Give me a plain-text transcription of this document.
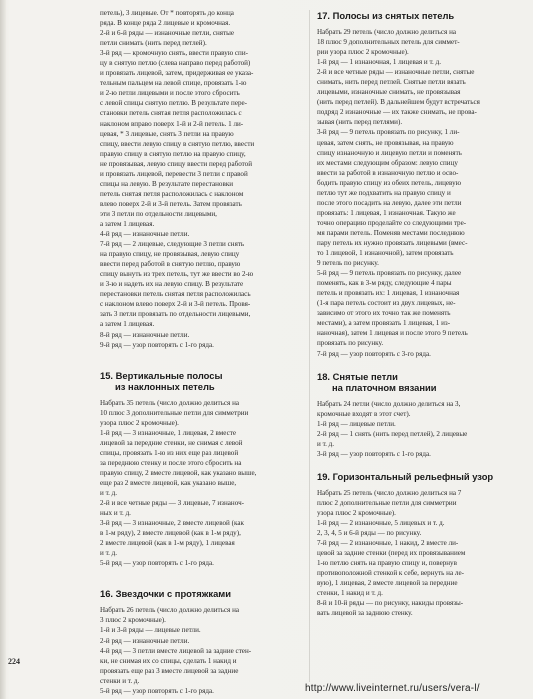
петель), 3 лицевые. От * повторять до конца
ряда. В конце ряда 2 лицевые и кромочная.
2-й и 6-й ряды — изнаночные петли, снятые
петли снимать (нить перед петлей).
3-й ряд — кромочную снять, ввести правую спи-
цу в снятую петлю (слева направо перед работой)
и провязать лицевой, затем, придерживая ее указа-
тельным пальцем на левой спице, провязать 1-ю
и 2-ю петли лицевыми и после этого сбросить
с левой спицы снятую петлю. В результате пере-
становки петель снятая петля расположилась с
наклоном вправо поверх 1-й и 2-й петель. 1 ли-
цевая, * 3 лицевые, снять 3 петли на правую
спицу, ввести левую спицу в снятую петлю, ввести
правую спицу в снятую петлю на правую спицу,
не провязывая, левую спицу ввести перед работой
и провязать лицевой, перевести 3 петли с правой
спицы на левую. В результате перестановки
петель снятая петля расположилась с наклоном
влево поверх 2-й и 3-й петель. Затем провязать
эти 3 петли по отдельности лицевыми,
а затем 1 лицевая.
4-й ряд — изнаночные петли.
7-й ряд — 2 лицевые, следующие 3 петли снять
на правую спицу, не провязывая, левую спицу
ввести перед работой в снятую петлю, правую
спицу вынуть из трех петель, тут же ввести во 2-ю
и 3-ю и надеть их на левую спицу. В результате
перестановки петель снятая петля расположилась
с наклоном влево поверх 2-й и 3-й петель. Провя-
зать 3 петли провязать по отдельности лицевыми,
а затем 1 лицевая.
8-й ряд — изнаночные петли.
9-й ряд — узор повторять с 1-го ряда.
15. Вертикальные полосы
из наклонных петель
Набрать 35 петель (число должно делиться на
10 плюс 3 дополнительные петли для симметрии
узора плюс 2 кромочные).
1-й ряд — 3 изнаночные, 1 лицевая, 2 вместе
лицевой за передние стенки, не снимая с левой
спицы, провязать 1-ю из них еще раз лицевой
за переднюю стенку и после этого сбросить на
правую спицу, 2 вместе лицевой, как указано выше,
еще раз 2 вместе лицевой, как указано выше,
и т. д.
2-й и все четные ряды — 3 лицевые, 7 изнаноч-
ных и т. д.
3-й ряд — 3 изнаночные, 2 вместе лицевой (как
в 1-м ряду), 2 вместе лицевой (как в 1-м ряду),
2 вместе лицевой (как в 1-м ряду), 1 лицевая
и т. д.
5-й ряд — узор повторять с 1-го ряда.
16. Звездочки с протяжками
Набрать 26 петель (число должно делиться на
3 плюс 2 кромочные).
1-й и 3-й ряды — лицевые петли.
2-й ряд — изнаночные петли.
4-й ряд — 3 петли вместе лицевой за задние стен-
ки, не снимая их со спицы, сделать 1 накид и
провязать еще раз 3 вместе лицевой за задние
стенки и т. д.
5-й ряд — узор повторять с 1-го ряда.
17. Полосы из снятых петель
Набрать 29 петель (число должно делиться на
18 плюс 9 дополнительных петель для симмет-
рии узора плюс 2 кромочные).
1-й ряд — 1 изнаночная, 1 лицевая и т. д.
2-й и все четные ряды — изнаночные петли, снятые
снимать, нить перед петлей. Снятые петли вязать
лицевыми, изнаночные снимать, не провязывая
(нить перед петлей). В дальнейшем будут встречаться
подряд 2 изнаночные — их также снимать, не прова-
зывая (нить перед петлями).
3-й ряд — 9 петель провязать по рисунку, 1 ли-
цевая, затем снять, не провязывая, на правую
спицу изнаночную и лицевую петли и поменять
их местами следующим образом: левую спицу
ввести за работой в изнаночную петлю и осво-
бодить правую спицу из обеих петель, лицевую
петлю тут же подхватить на правую спицу и
после этого посадить на левую, далее эти петли
провязать: 1 лицевая, 1 изнаночная. Такую же
точно операцию проделайте со следующими тре-
мя парами петель. Поменяв местами последнюю
пару петель их нужно провязать лицевыми (вмес-
то 1 лицевой, 1 изнаночной), затем провязать
9 петель по рисунку.
5-й ряд — 9 петель провязать по рисунку, далее
поменять, как в 3-м ряду, следующие 4 пары
петель и провязать их: 1 лицевая, 1 изнаночная
(1-я пара петель состоит из двух лицевых, не-
зависимо от этого их точно так же поменять
местами), а затем провязать 1 лицевая, 1 из-
наночная), затем 1 лицевая и после этого 9 петель
провязать по рисунку.
7-й ряд — узор повторять с 3-го ряда.
18. Снятые петли
на платочном вязании
Набрать 24 петли (число должно делиться на 3,
кромочные входят в этот счет).
1-й ряд — лицевые петли.
2-й ряд — 1 снять (нить перед петлей), 2 лицевые
и т. д.
3-й ряд — узор повторять с 1-го ряда.
19. Горизонтальный рельефный узор
Набрать 25 петель (число должно делиться на 7
плюс 2 дополнительные петли для симметрии
узора плюс 2 кромочные).
1-й ряд — 2 изнаночные, 5 лицевых и т. д.
2, 3, 4, 5 и 6-й ряды — по рисунку.
7-й ряд — 2 изнаночные, 1 накид, 2 вместе ли-
цевой за задние стенки (перед их провязыванием
1-ю петлю снять на правую спицу и, повернув
противоположной стенкой к себе, вернуть на ле-
вую), 1 лицевая, 2 вместе лицевой за передние
стенки, 1 накид и т. д.
8-й и 10-й ряды — по рисунку, накиды провязы-
вать лицевой за заднюю стенку.
224
http://www.liveinternet.ru/users/vera-l/
